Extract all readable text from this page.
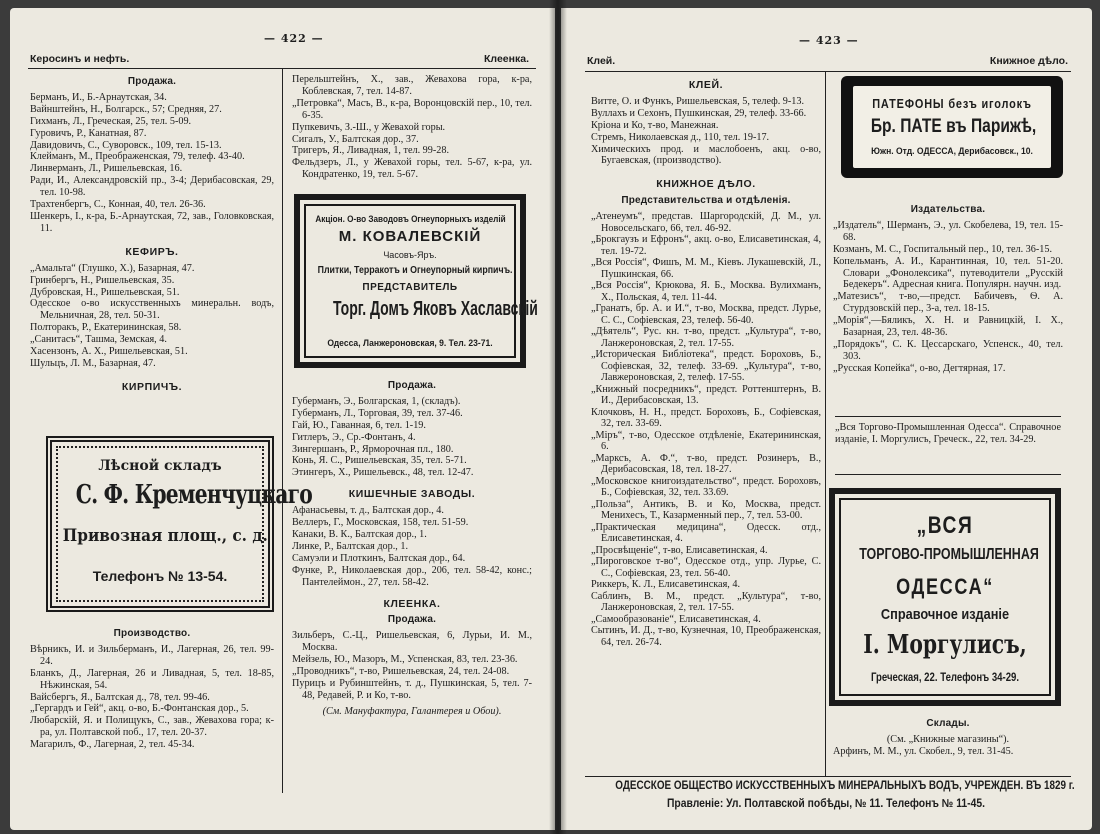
— 422 —
Керосинъ и нефть.	Клеенка.
Продажа.
Берманъ, И., Б.-Арнаутская, 34.
Вайнштейнъ, Н., Болгарск., 57; Средняя, 27.
Гихманъ, Л., Греческая, 25, тел. 5-09.
Гуровичъ, Р., Канатная, 87.
Давидовичъ, С., Суворовск., 109, тел. 15-13.
Клейманъ, М., Преображенская, 79, телеф. 43-40.
Линверманъ, Л., Ришельевская, 16.
Ради, И., Александровскій пр., 3-4; Дерибасовская, 29, тел. 10-98.
Трахтенбергъ, С., Конная, 40, тел. 26-36.
Шенкеръ, I., к-ра, Б.-Арнаутская, 72, зав., Головковская, 11.
КЕФИРЪ.
„Амальта“ (Глушко, Х.), Базарная, 47.
Гринбергъ, Н., Ришельевская, 35.
Дубровская, Н., Ришельевская, 51.
Одесское о-во искусственныхъ минеральн. водъ, Мельничная, 28, тел. 50-31.
Полторакъ, Р., Екатерининская, 58.
„Санитасъ“, Ташма, Земская, 4.
Хасензонъ, А. Х., Ришельевская, 51.
Шульцъ, Л. М., Базарная, 47.
КИРПИЧЪ.
Лѣсной складъ
С. Ф. Кременчуцкаго
Привозная площ., с. д.
Телефонъ № 13-54.
Производство.
Вѣрникъ, И. и Зильберманъ, И., Лагерная, 26, тел. 99-24.
Бланкъ, Д., Лагерная, 26 и Ливадная, 5, тел. 18-85, Нѣжинская, 54.
Вайсбергъ, Я., Балтская д., 78, тел. 99-46.
„Гергардъ и Гей“, акц. о-во, Б.-Фонтанская дор., 5.
Любарскій, Я. и Полищукъ, С., зав., Жевахова гора; к-ра, ул. Полтавской поб., 17, тел. 20-37.
Магарилъ, Ф., Лагерная, 2, тел. 45-34.
Перельштейнъ, Х., зав., Жевахова гора, к-ра, Коблевская, 7, тел. 14-87.
„Петровка“, Масъ, В., к-ра, Воронцовскій пер., 10, тел. 6-35.
Пупкевичъ, З.-Ш., у Жевахой горы.
Сигалъ, У., Балтская дор., 37.
Тригеръ, Я., Ливадная, 1, тел. 99-28.
Фельдзеръ, Л., у Жевахой горы, тел. 5-67, к-ра, ул. Кондратенко, 19, тел. 5-67.
Акціон. О-во Заводовъ Огнеупорныхъ изделій
М. КОВАЛЕВСКІЙ
Часовъ-Яръ.
Плитки, Терракотъ и Огнеупорный кирпичъ.
ПРЕДСТАВИТЕЛЬ
Торг. Домъ Яковъ Хаславскій
Одесса, Ланжероновская, 9. Тел. 23-71.
Продажа.
Губерманъ, Э., Болгарская, 1, (складъ).
Губерманъ, Л., Торговая, 39, тел. 37-46.
Гай, Ю., Гаванная, 6, тел. 1-19.
Гитлеръ, Э., Ср.-Фонтанъ, 4.
Зингершанъ, Р., Ярморочная пл., 180.
Конь, Я. С., Ришельевская, 35, тел. 5-71.
Этингеръ, Х., Ришельевск., 48, тел. 12-47.
КИШЕЧНЫЕ ЗАВОДЫ.
Афанасьевы, т. д., Балтская дор., 4.
Веллеръ, Г., Московская, 158, тел. 51-59.
Канаки, В. К., Балтская дор., 1.
Линке, Р., Балтская дор., 1.
Самуэли и Плоткинъ, Балтская дор., 64.
Функе, Р., Николаевская дор., 206, тел. 58-42, конс.; Пантелеймон., 27, тел. 58-42.
КЛЕЕНКА.
Продажа.
Зильберъ, С.-Ц., Ришельевская, 6, Лурьи, И. М., Москва.
Мейзель, Ю., Мазоръ, М., Успенская, 83, тел. 23-36.
„Проводникъ“, т-во, Ришельевская, 24, тел. 24-08.
Пурицъ и Рубинштейнъ, т. д., Пушкинская, 5, тел. 7-48, Редавей, Р. и Ко, т-во.
(См. Мануфактура, Галантерея и Обои).
— 423 —
Клей.	Книжное дѣло.
КЛЕЙ.
Витте, О. и Функъ, Ришельевская, 5, телеф. 9-13.
Вуллахъ и Сехонъ, Пушкинская, 29, телеф. 33-66.
Кріона и Ко, т-во, Манежная.
Стремъ, Николаевская д., 110, тел. 19-17.
Химическихъ прод. и маслобоенъ, акц. о-во, Бугаевская, (производство).
КНИЖНОЕ ДѢЛО.
Представительства и отдѣленія.
„Атенеумъ“, представ. Шаргородскій, Д. М., ул. Новосельскаго, 66, тел. 46-92.
„Брокгаузъ и Ефронъ“, акц. о-во, Елисаветинская, 4, тел. 19-72.
„Вся Россія“, Фишъ, М. М., Кіевъ. Лукашевскій, Л., Пушкинская, 66.
„Вся Россія“, Крюкова, Я. Б., Москва. Вулихманъ, Х., Польская, 4, тел. 11-44.
„Гранатъ, бр. А. и И.“, т-во, Москва, предст. Лурье, С. С., Софіевская, 23, телеф. 56-40.
„Дѣятель“, Рус. кн. т-во, предст. „Культура“, т-во, Ланжероновская, 2, тел. 17-55.
„Историческая Библіотека“, предст. Бороховъ, Б., Софіевская, 32, телеф. 33-69. „Культура“, т-во, Лавжероновская, 2, телеф. 17-55.
„Книжный посредникъ“, предст. Роттенштернъ, В. И., Дерибасовская, 13.
Клочковъ, Н. Н., предст. Бороховъ, Б., Софіевская, 32, тел. 33-69.
„Міръ“, т-во, Одесское отдѣленіе, Екатерининская, 6.
„Марксъ, А. Ф.“, т-во, предст. Розинеръ, В., Дерибасовская, 18, тел. 18-27.
„Московское книгоиздательство“, предст. Бороховъ, Б., Софіевская, 32, тел. 33.69.
„Польза“, Антикъ, В. и Ко, Москва, предст. Менихесъ, Т., Казарменный пер., 7, тел. 53-00.
„Практическая медицина“, Одесск. отд., Елисаветинская, 4.
„Просвѣщеніе“, т-во, Елисаветинская, 4.
„Пироговское т-во“, Одесское отд., упр. Лурье, С. С., Софіевская, 23, тел. 56-40.
Риккеръ, К. Л., Елисаветинская, 4.
Саблинъ, В. М., предст. „Культура“, т-во, Ланжероновская, 2, тел. 17-55.
„Самообразованіе“, Елисаветинская, 4.
Сытинъ, И. Д., т-во, Кузнечная, 10, Преображенская, 64, тел. 26-74.
ПАТЕФОНЫ безъ иголокъ
Бр. ПАТЕ въ Парижѣ,
Южн. Отд. ОДЕССА, Дерибасовск., 10.
Издательства.
„Издатель“, Шерманъ, Э., ул. Скобелева, 19, тел. 15-68.
Козманъ, М. С., Госпитальный пер., 10, тел. 36-15.
Копельманъ, А. И., Карантинная, 10, тел. 51-20. Словари „Фонолексика“, путеводители „Русскій Бедекеръ“. Адресная книга. Популярн. научн. изд.
„Матезисъ“, т-во,—предст. Бабичевъ, Ѳ. А. Стурдзовскій пер., 3-а, тел. 18-15.
„Морія“,—Бяликъ, Х. Н. и Равницкій, I. Х., Базарная, 23, тел. 48-36.
„Порядокъ“, С. К. Цессарскаго, Успенск., 40, тел. 303.
„Русская Копейка“, о-во, Дегтярная, 17.
„Вся Торгово-Промышленная Одесса“. Справочное изданіе, I. Моргулисъ, Греческ., 22, тел. 34-29.
„ВСЯ
ТОРГОВО-ПРОМЫШЛЕННАЯ
ОДЕССА“
Справочное изданіе
I. Моргулисъ,
Греческая, 22. Телефонъ 34-29.
Склады.
(См. „Книжные магазины“).
Арфинъ, М. М., ул. Скобел., 9, тел. 31-45.
ОДЕССКОЕ ОБЩЕСТВО ИСКУССТВЕННЫХЪ МИНЕРАЛЬНЫХЪ ВОДЪ, УЧРЕЖДЕН. ВЪ 1829 г.
Правленіе: Ул. Полтавской побѣды, № 11. Телефонъ № 11-45.
